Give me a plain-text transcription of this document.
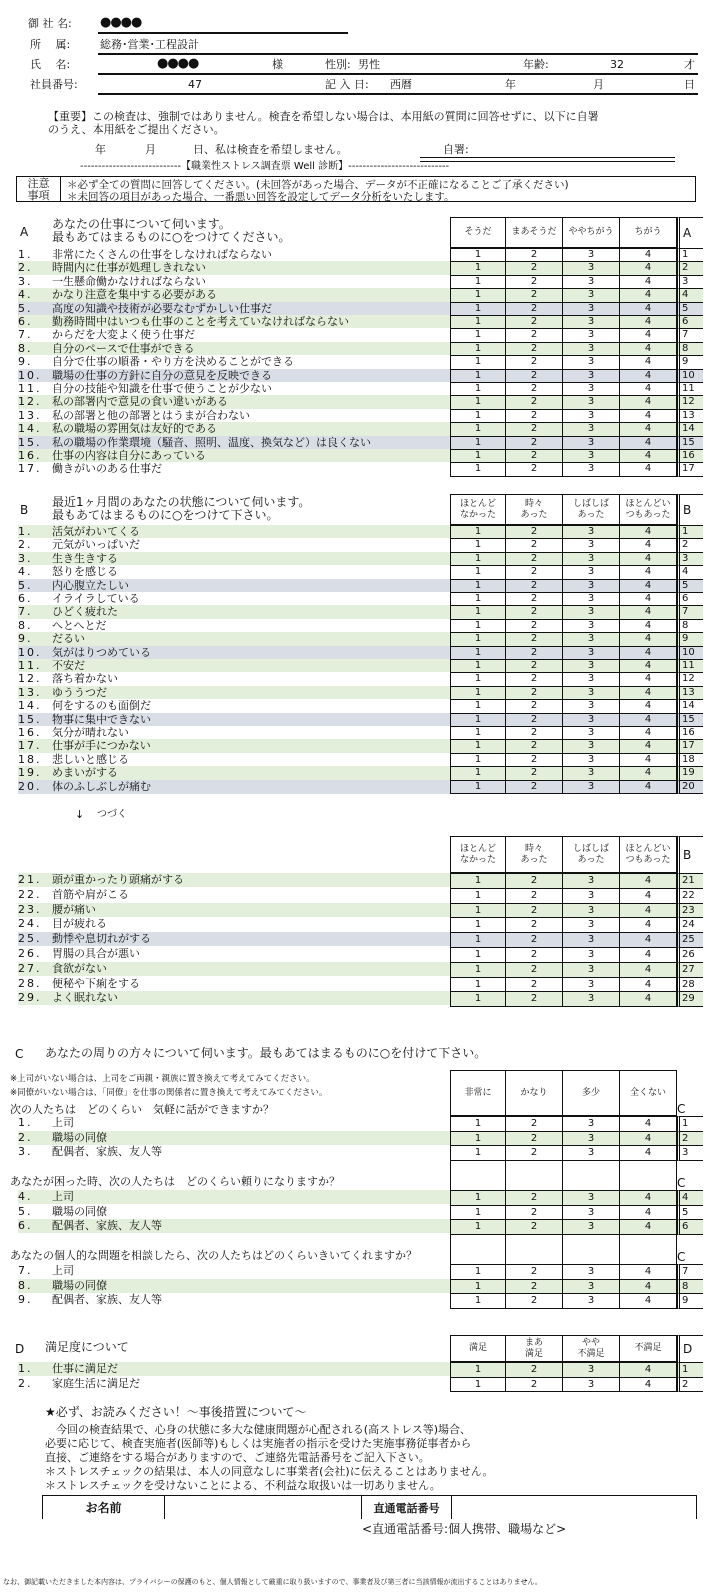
御 社 名: ●●●●
所　 属:	総務･営業･工程設計
氏　 名:	●●●●	様	性別: 男性	年齢:	32	才
社員番号:	47	記 入 日: 西暦	年	月	日
【重要】この検査は、強制ではありません。検査を希望しない場合は、本用紙の質問に回答せずに、以下に自署
のうえ、本用紙をご提出ください。
年	月	日、私は検査を希望しません。	自署:
----------------------------【職業性ストレス調査票 Well 診断】----------------------------
注意
事項
＊必ず全ての質問に回答してください。(未回答があった場合、データが不正確になることご了承ください)
＊未回答の項目があった場合、一番悪い回答を設定してデータ分析をいたします。
そうだ	まあそうだ	ややちがう	ちがう	A
1. 非常にたくさんの仕事をしなければならない	1	2	3	4	1
2. 時間内に仕事が処理しきれない	1	2	3	4	2
3. 一生懸命働かなければならない	1	2	3	4	3
4. かなり注意を集中する必要がある	1	2	3	4	4
5. 高度の知識や技術が必要なむずかしい仕事だ	1	2	3	4	5
6. 勤務時間中はいつも仕事のことを考えていなければならない	1	2	3	4	6
7. からだを大変よく使う仕事だ	1	2	3	4	7
8. 自分のペースで仕事ができる	1	2	3	4	8
9. 自分で仕事の順番・やり方を決めることができる	1	2	3	4	9
10. 職場の仕事の方針に自分の意見を反映できる	1	2	3	4	10
11. 自分の技能や知識を仕事で使うことが少ない	1	2	3	4	11
12. 私の部署内で意見の食い違いがある	1	2	3	4	12
13. 私の部署と他の部署とはうまが合わない	1	2	3	4	13
14. 私の職場の雰囲気は友好的である	1	2	3	4	14
15. 私の職場の作業環境（騒音、照明、温度、換気など）は良くない	1	2	3	4	15
16. 仕事の内容は自分にあっている	1	2	3	4	16
17. 働きがいのある仕事だ	1	2	3	4	17
ほとんど
なかった
時々
あった
しばしば
あった
ほとんどい
つもあった	B
1. 活気がわいてくる	1	2	3	4	1
2. 元気がいっぱいだ	1	2	3	4	2
3. 生き生きする	1	2	3	4	3
4. 怒りを感じる	1	2	3	4	4
5. 内心腹立たしい	1	2	3	4	5
6. イライラしている	1	2	3	4	6
7. ひどく疲れた	1	2	3	4	7
8. へとへとだ	1	2	3	4	8
9. だるい	1	2	3	4	9
10. 気がはりつめている	1	2	3	4	10
11. 不安だ	1	2	3	4	11
12. 落ち着かない	1	2	3	4	12
13. ゆううつだ	1	2	3	4	13
14. 何をするのも面倒だ	1	2	3	4	14
15. 物事に集中できない	1	2	3	4	15
16. 気分が晴れない	1	2	3	4	16
17. 仕事が手につかない	1	2	3	4	17
18. 悲しいと感じる	1	2	3	4	18
19. めまいがする	1	2	3	4	19
20. 体のふしぶしが痛む	1	2	3	4	20
ほとんど
なかった
時々
あった
しばしば
あった
ほとんどい
つもあった	B
21. 頭が重かったり頭痛がする	1	2	3	4	21
22. 首筋や肩がこる	1	2	3	4	22
23. 腰が痛い	1	2	3	4	23
24. 目が疲れる	1	2	3	4	24
25. 動悸や息切れがする	1	2	3	4	25
26. 胃腸の具合が悪い	1	2	3	4	26
27. 食欲がない	1	2	3	4	27
28. 便秘や下痢をする	1	2	3	4	28
29. よく眠れない	1	2	3	4	29
非常に	かなり	多少	全くない
次の人たちは　どのくらい　気軽に話ができますか？	C
1. 上司	1	2	3	4	1
2. 職場の同僚	1	2	3	4	2
3. 配偶者、家族、友人等	1	2	3	4	3
あなたが困った時、次の人たちは　どのくらい頼りになりますか？	C
4. 上司	1	2	3	4	4
5. 職場の同僚	1	2	3	4	5
6. 配偶者、家族、友人等	1	2	3	4	6
あなたの個人的な問題を相談したら、次の人たちはどのくらいきいてくれますか？	C
7. 上司	1	2	3	4	7
8. 職場の同僚	1	2	3	4	8
9. 配偶者、家族、友人等	1	2	3	4	9
満足
まあ
満足
やや
不満足
不満足	D
1. 仕事に満足だ	1	2	3	4	1
2. 家庭生活に満足だ	1	2	3	4	2
A
あなたの仕事について伺います。
最もあてはまるものに○をつけてください。
B
最近1ヶ月間のあなたの状態について伺います。
最もあてはまるものに○をつけて下さい。
↓ つづく
C あなたの周りの方々について伺います。最もあてはまるものに○を付けて下さい。
※上司がいない場合は、上司をご両親・親族に置き換えて考えてみてください。
※同僚がいない場合は、「同僚」を仕事の関係者に置き換えて考えてみてください。
D 満足度について
★必ず、お読みください！～事後措置について～
　今回の検査結果で、心身の状態に多大な健康問題が心配される(高ストレス等)場合、
必要に応じて、検査実施者(医師等)もしくは実施者の指示を受けた実施事務従事者から
直接、ご連絡をする場合がありますので、ご連絡先電話番号をご記入下さい。
＊ストレスチェックの結果は、本人の同意なしに事業者(会社)に伝えることはありません。
＊ストレスチェックを受けないことによる、不利益な取扱いは一切ありません。
お名前	直通電話番号
<直通電話番号:個人携帯、職場など>
なお、御記載いただきました本内容は、プライバシーの保護のもと、個人情報として厳重に取り扱いますので、事業者及び第三者に当該情報が流出することはありません。
